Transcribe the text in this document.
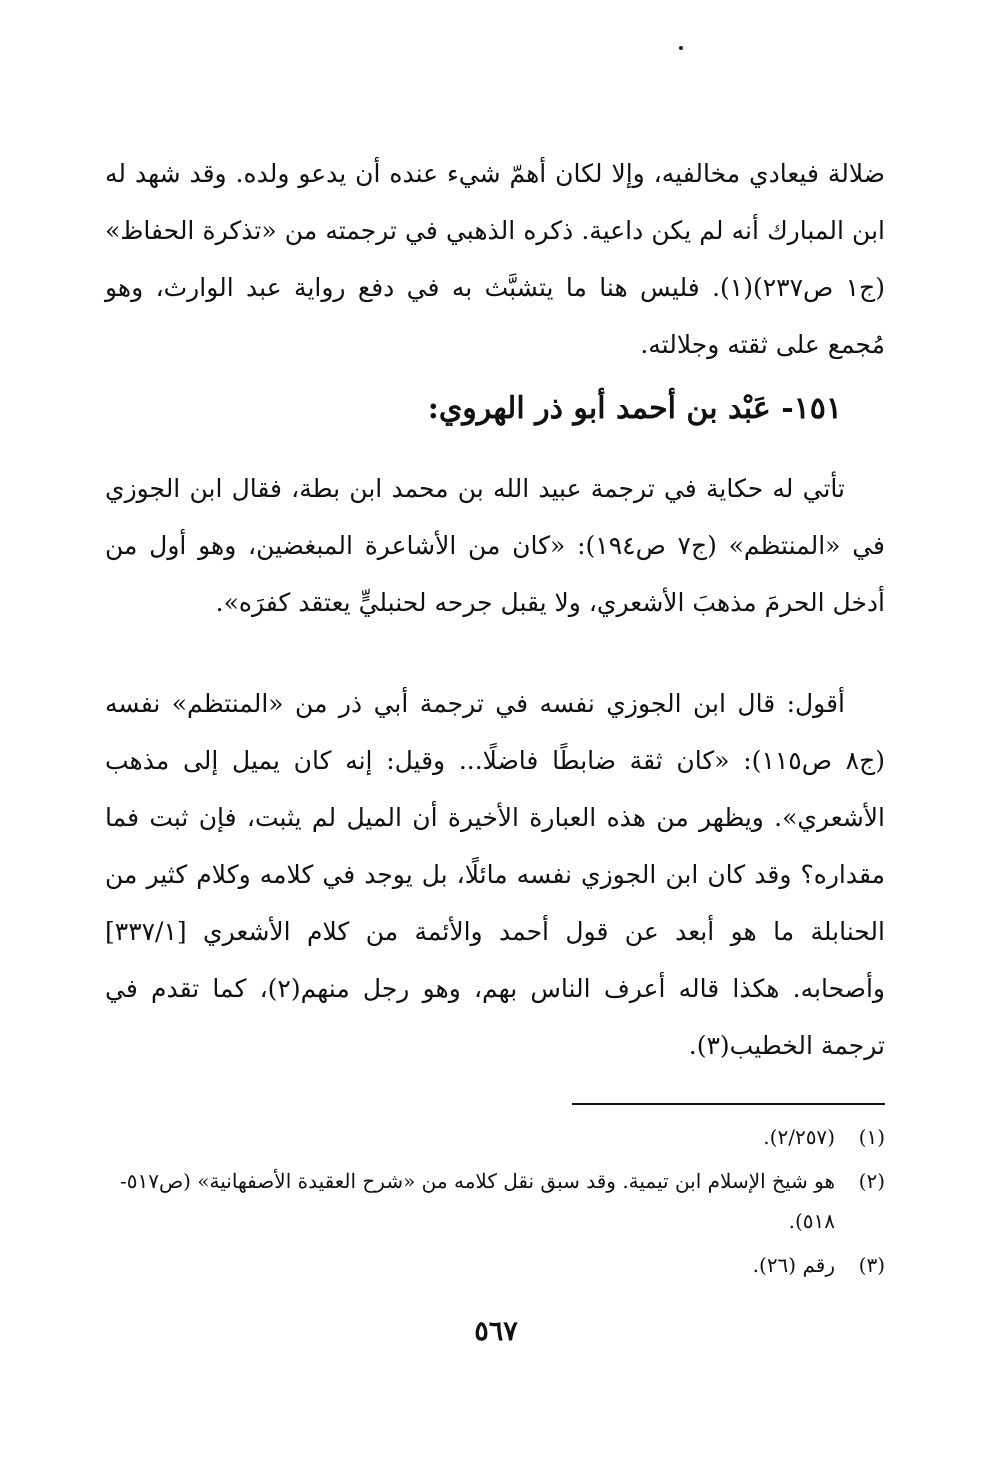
ضلالة فيعادي مخالفيه، وإلا لكان أهمّ شيء عنده أن يدعو ولده. وقد شهد له ابن المبارك أنه لم يكن داعية. ذكره الذهبي في ترجمته من «تذكرة الحفاظ» (ج١ ص٢٣٧)(١). فليس هنا ما يتشبَّث به في دفع رواية عبد الوارث، وهو مُجمع على ثقته وجلالته.

١٥١- عَبْد بن أحمد أبو ذر الهروي:

تأتي له حكاية في ترجمة عبيد الله بن محمد ابن بطة، فقال ابن الجوزي في «المنتظم» (ج٧ ص١٩٤): «كان من الأشاعرة المبغضين، وهو أول من أدخل الحرمَ مذهبَ الأشعري، ولا يقبل جرحه لحنبليٍّ يعتقد كفرَه».

أقول: قال ابن الجوزي نفسه في ترجمة أبي ذر من «المنتظم» نفسه (ج٨ ص١١٥): «كان ثقة ضابطًا فاضلًا... وقيل: إنه كان يميل إلى مذهب الأشعري». ويظهر من هذه العبارة الأخيرة أن الميل لم يثبت، فإن ثبت فما مقداره؟ وقد كان ابن الجوزي نفسه مائلًا، بل يوجد في كلامه وكلام كثير من الحنابلة ما هو أبعد عن قول أحمد والأئمة من كلام الأشعري [٣٣٧/١] وأصحابه. هكذا قاله أعرف الناس بهم، وهو رجل منهم(٢)، كما تقدم في ترجمة الخطيب(٣).

(١)
(٢/٢٥٧).
(٢)
هو شيخ الإسلام ابن تيمية. وقد سبق نقل كلامه من «شرح العقيدة الأصفهانية» (ص٥١٧- ٥١٨).
(٣)
رقم (٢٦).
٥٦٧
